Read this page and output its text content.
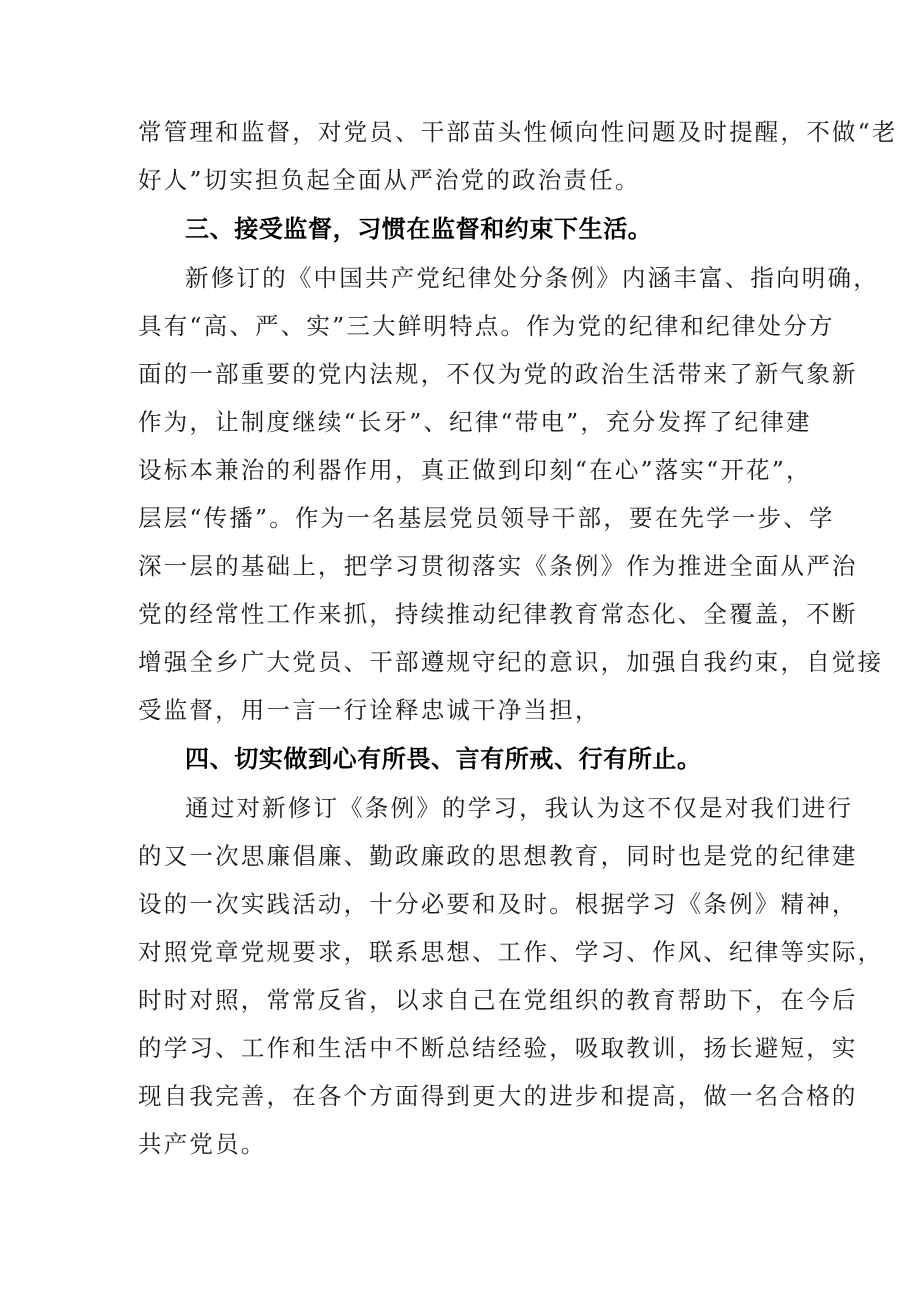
常管理和监督，对党员、干部苗头性倾向性问题及时提醒，不做“老

好人”切实担负起全面从严治党的政治责任。

三、接受监督，习惯在监督和约束下生活。

新修订的《中国共产党纪律处分条例》内涵丰富、指向明确，

具有“高、严、实”三大鲜明特点。作为党的纪律和纪律处分方

面的一部重要的党内法规，不仅为党的政治生活带来了新气象新

作为，让制度继续“长牙”、纪律“带电”，充分发挥了纪律建

设标本兼治的利器作用，真正做到印刻“在心”落实“开花”，

层层“传播”。作为一名基层党员领导干部，要在先学一步、学

深一层的基础上，把学习贯彻落实《条例》作为推进全面从严治

党的经常性工作来抓，持续推动纪律教育常态化、全覆盖，不断

增强全乡广大党员、干部遵规守纪的意识，加强自我约束，自觉接

受监督，用一言一行诠释忠诚干净当担，

四、切实做到心有所畏、言有所戒、行有所止。

通过对新修订《条例》的学习，我认为这不仅是对我们进行

的又一次思廉倡廉、勤政廉政的思想教育，同时也是党的纪律建

设的一次实践活动，十分必要和及时。根据学习《条例》精神，

对照党章党规要求，联系思想、工作、学习、作风、纪律等实际，

时时对照，常常反省，以求自己在党组织的教育帮助下，在今后

的学习、工作和生活中不断总结经验，吸取教训，扬长避短，实

现自我完善，在各个方面得到更大的进步和提高，做一名合格的

共产党员。
